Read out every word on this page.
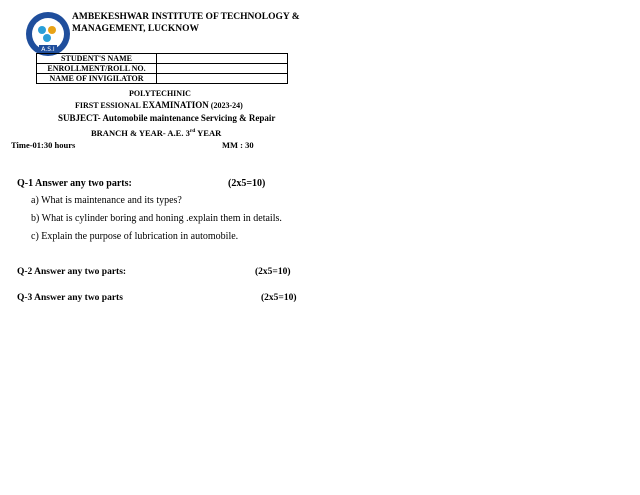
A.S.I
AMBEKESHWAR INSTITUTE OF TECHNOLOGY &
MANAGEMENT, LUCKNOW
STUDENT'S NAME	
ENROLLMENT/ROLL NO.	
NAME OF INVIGILATOR	
POLYTECHINIC
FIRST ESSIONAL EXAMINATION (2023-24)
SUBJECT- Automobile maintenance Servicing & Repair
BRANCH & YEAR- A.E. 3rd YEAR
Time-01:30 hours	MM : 30
Q-1 Answer any two parts:	(2x5=10)
a) What is maintenance and its types?
b) What is cylinder boring and honing .explain them in details.
c) Explain the purpose of lubrication in automobile.
Q-2 Answer any two parts:	(2x5=10)
Q-3 Answer any two parts	(2x5=10)
